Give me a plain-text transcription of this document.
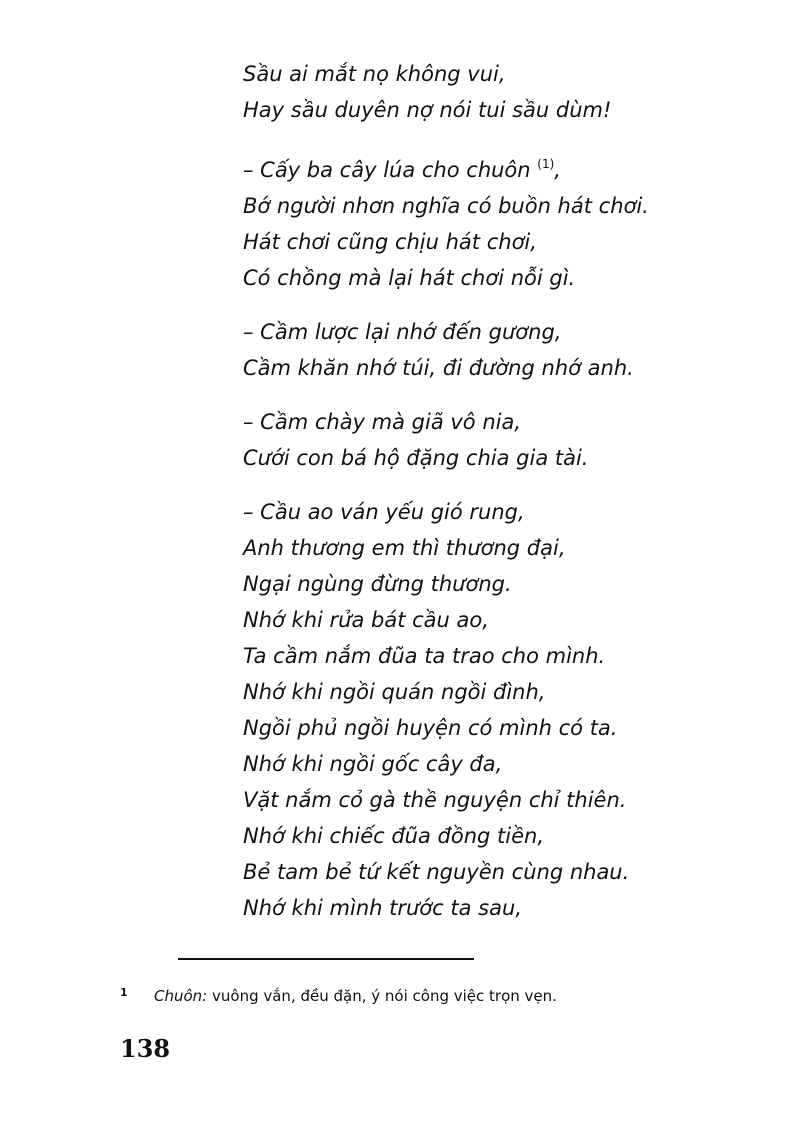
Sầu ai mắt nọ không vui,
Hay sầu duyên nợ nói tui sầu dùm!
– Cấy ba cây lúa cho chuôn $^{(1)}$,
Bớ người nhơn nghĩa có buồn hát chơi.
Hát chơi cũng chịu hát chơi,
Có chồng mà lại hát chơi nỗi gì.
– Cầm lược lại nhớ đến gương,
Cầm khăn nhớ túi, đi đường nhớ anh.
– Cầm chày mà giã vô nia,
Cưới con bá hộ đặng chia gia tài.
– Cầu ao ván yếu gió rung,
Anh thương em thì thương đại,
Ngại ngùng đừng thương.
Nhớ khi rửa bát cầu ao,
Ta cầm nắm đũa ta trao cho mình.
Nhớ khi ngồi quán ngồi đình,
Ngồi phủ ngồi huyện có mình có ta.
Nhớ khi ngồi gốc cây đa,
Vặt nắm cỏ gà thề nguyện chỉ thiên.
Nhớ khi chiếc đũa đồng tiền,
Bẻ tam bẻ tứ kết nguyền cùng nhau.
Nhớ khi mình trước ta sau,
1 Chuôn: vuông vắn, đều đặn, ý nói công việc trọn vẹn.
138
